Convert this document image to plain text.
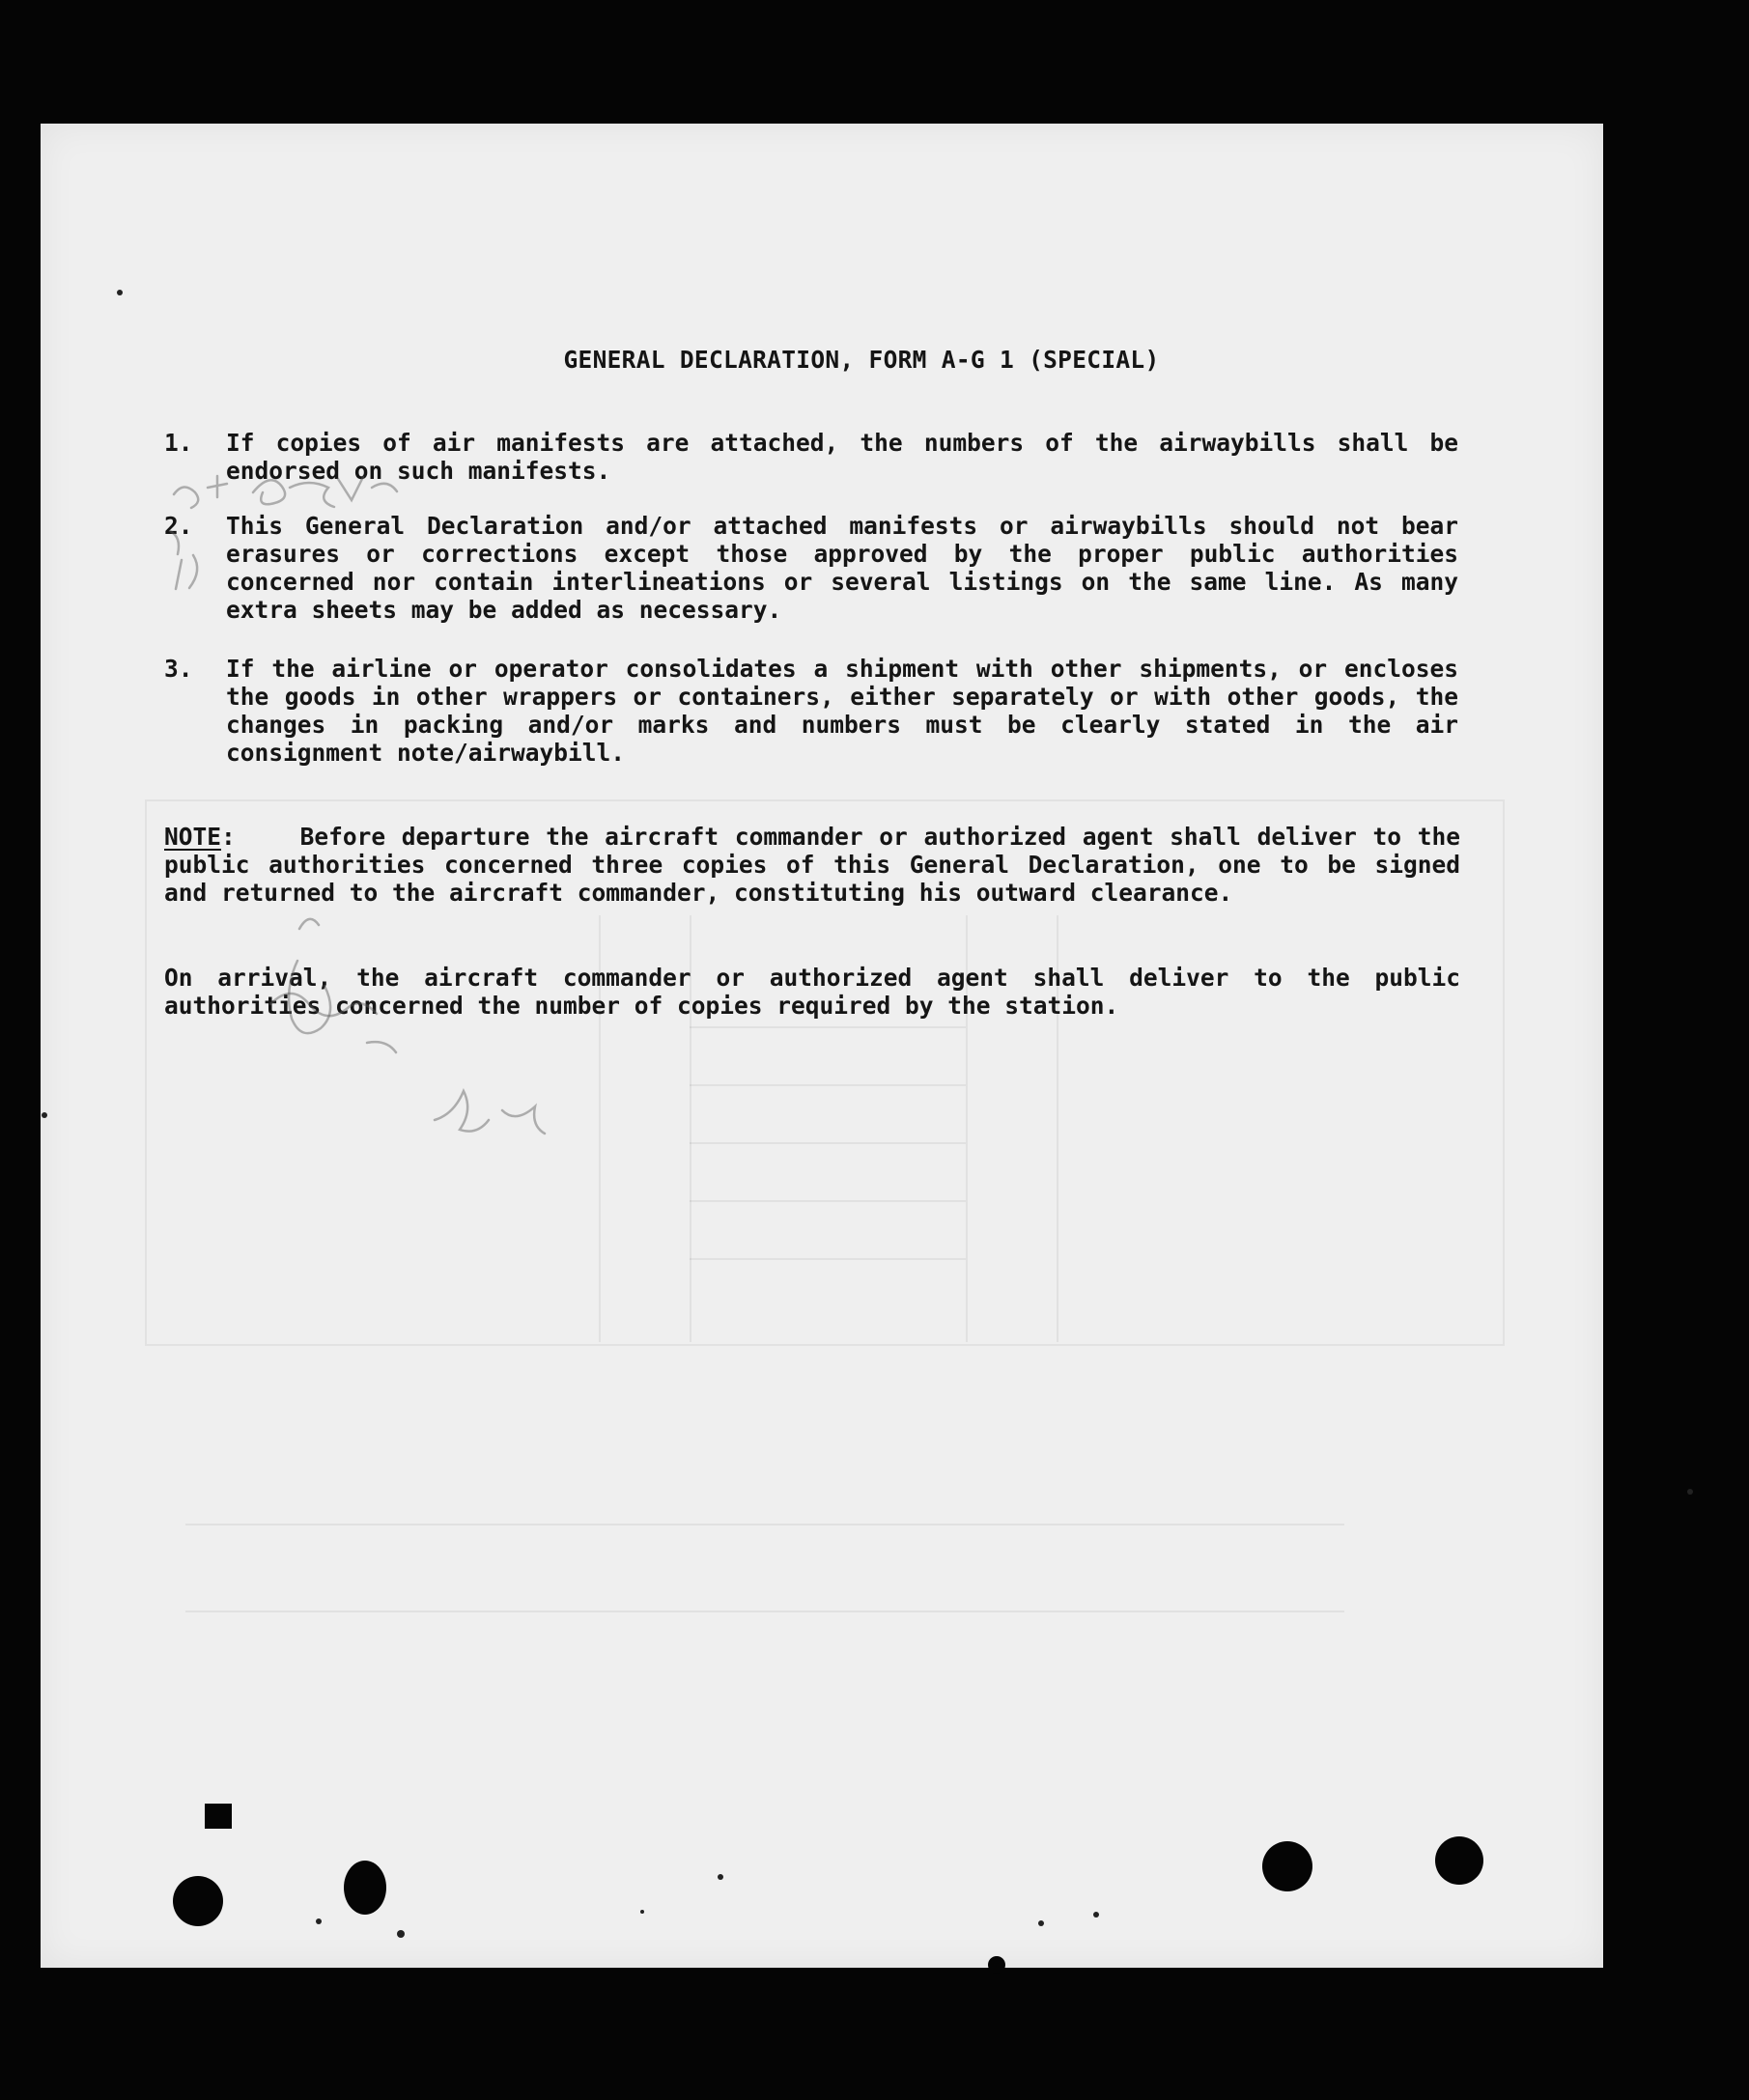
GENERAL DECLARATION, FORM A-G 1 (SPECIAL)
1. If copies of air manifests are attached, the numbers of the airwaybills shall be endorsed on such manifests.
2. This General Declaration and/or attached manifests or airwaybills should not bear erasures or corrections except those approved by the proper public authorities concerned nor contain interlineations or several listings on the same line. As many extra sheets may be added as necessary.
3. If the airline or operator consolidates a shipment with other shipments, or encloses the goods in other wrappers or containers, either separately or with other goods, the changes in packing and/or marks and numbers must be clearly stated in the air consignment note/airwaybill.
NOTE:    Before departure the aircraft commander or authorized agent shall deliver to the public authorities concerned three copies of this General Declaration, one to be signed and returned to the aircraft commander, constituting his outward clearance.
On arrival, the aircraft commander or authorized agent shall deliver to the public authorities concerned the number of copies required by the station.
